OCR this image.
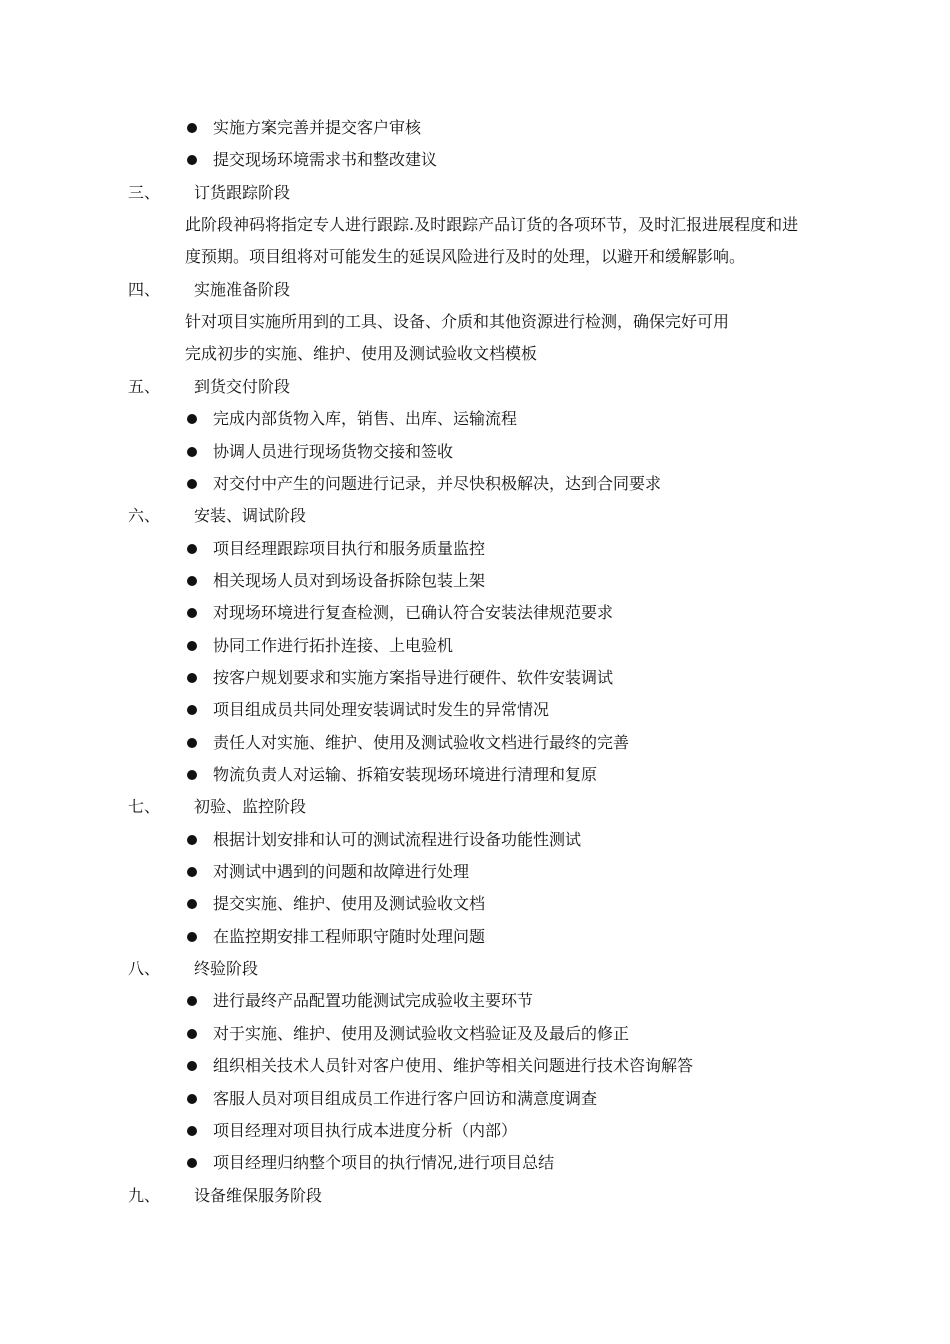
实施方案完善并提交客户审核
提交现场环境需求书和整改建议
三、 订货跟踪阶段
此阶段神码将指定专人进行跟踪.及时跟踪产品订货的各项环节，及时汇报进展程度和进
度预期。项目组将对可能发生的延误风险进行及时的处理，以避开和缓解影响。
四、 实施准备阶段
针对项目实施所用到的工具、设备、介质和其他资源进行检测，确保完好可用
完成初步的实施、维护、使用及测试验收文档模板
五、 到货交付阶段
完成内部货物入库，销售、出库、运输流程
协调人员进行现场货物交接和签收
对交付中产生的问题进行记录，并尽快积极解决，达到合同要求
六、 安装、调试阶段
项目经理跟踪项目执行和服务质量监控
相关现场人员对到场设备拆除包装上架
对现场环境进行复查检测，已确认符合安装法律规范要求
协同工作进行拓扑连接、上电验机
按客户规划要求和实施方案指导进行硬件、软件安装调试
项目组成员共同处理安装调试时发生的异常情况
责任人对实施、维护、使用及测试验收文档进行最终的完善
物流负责人对运输、拆箱安装现场环境进行清理和复原
七、 初验、监控阶段
根据计划安排和认可的测试流程进行设备功能性测试
对测试中遇到的问题和故障进行处理
提交实施、维护、使用及测试验收文档
在监控期安排工程师职守随时处理问题
八、 终验阶段
进行最终产品配置功能测试完成验收主要环节
对于实施、维护、使用及测试验收文档验证及及最后的修正
组织相关技术人员针对客户使用、维护等相关问题进行技术咨询解答
客服人员对项目组成员工作进行客户回访和满意度调查
项目经理对项目执行成本进度分析（内部）
项目经理归纳整个项目的执行情况,进行项目总结
九、 设备维保服务阶段
